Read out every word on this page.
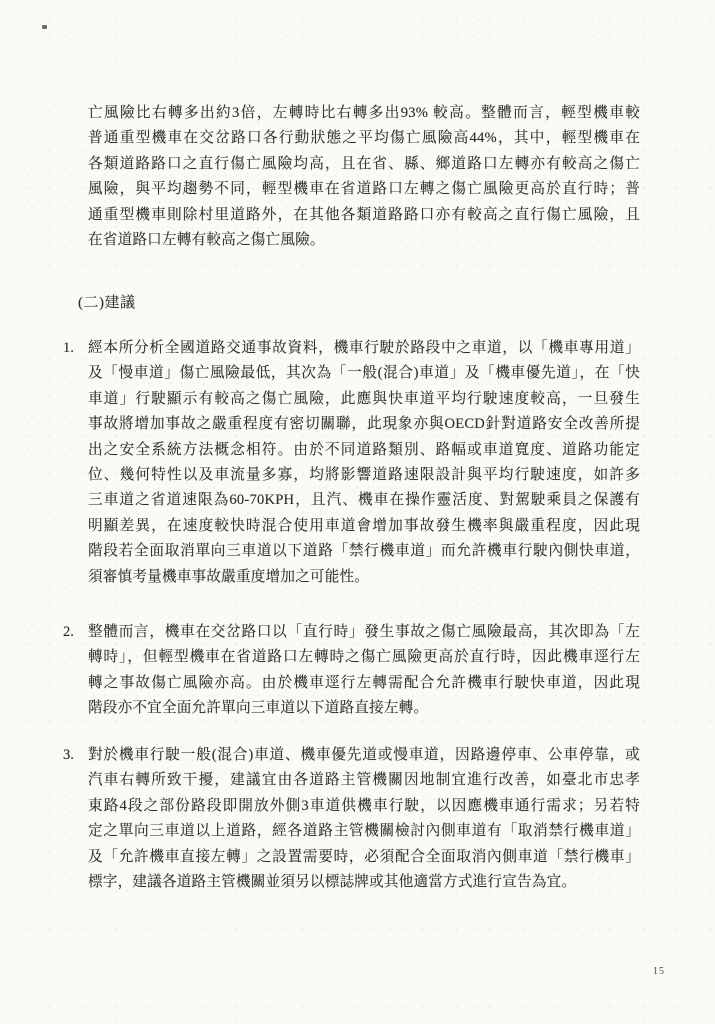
亡風險比右轉多出約3倍，左轉時比右轉多出93% 較高。整體而言，輕型機車較
普通重型機車在交岔路口各行動狀態之平均傷亡風險高44%，其中，輕型機車在
各類道路路口之直行傷亡風險均高，且在省、縣、鄉道路口左轉亦有較高之傷亡
風險，與平均趨勢不同，輕型機車在省道路口左轉之傷亡風險更高於直行時；普
通重型機車則除村里道路外，在其他各類道路路口亦有較高之直行傷亡風險，且
在省道路口左轉有較高之傷亡風險。
(二)建議
1. 經本所分析全國道路交通事故資料，機車行駛於路段中之車道，以「機車專用道」
及「慢車道」傷亡風險最低，其次為「一般(混合)車道」及「機車優先道」，在「快
車道」行駛顯示有較高之傷亡風險，此應與快車道平均行駛速度較高，一旦發生
事故將增加事故之嚴重程度有密切關聯，此現象亦與OECD針對道路安全改善所提
出之安全系統方法概念相符。由於不同道路類別、路幅或車道寬度、道路功能定
位、幾何特性以及車流量多寡，均將影響道路速限設計與平均行駛速度，如許多
三車道之省道速限為60-70KPH，且汽、機車在操作靈活度、對駕駛乘員之保護有
明顯差異，在速度較快時混合使用車道會增加事故發生機率與嚴重程度，因此現
階段若全面取消單向三車道以下道路「禁行機車道」而允許機車行駛內側快車道，
須審慎考量機車事故嚴重度增加之可能性。
2. 整體而言，機車在交岔路口以「直行時」發生事故之傷亡風險最高，其次即為「左
轉時」，但輕型機車在省道路口左轉時之傷亡風險更高於直行時，因此機車逕行左
轉之事故傷亡風險亦高。由於機車逕行左轉需配合允許機車行駛快車道，因此現
階段亦不宜全面允許單向三車道以下道路直接左轉。
3. 對於機車行駛一般(混合)車道、機車優先道或慢車道，因路邊停車、公車停靠，或
汽車右轉所致干擾，建議宜由各道路主管機關因地制宜進行改善，如臺北市忠孝
東路4段之部份路段即開放外側3車道供機車行駛，以因應機車通行需求；另若特
定之單向三車道以上道路，經各道路主管機關檢討內側車道有「取消禁行機車道」
及「允許機車直接左轉」之設置需要時，必須配合全面取消內側車道「禁行機車」
標字，建議各道路主管機關並須另以標誌牌或其他適當方式進行宣告為宜。
15
